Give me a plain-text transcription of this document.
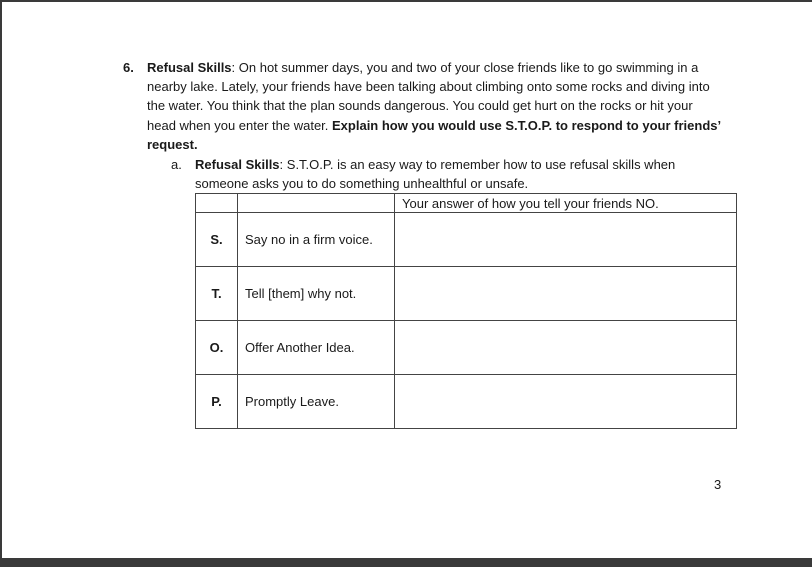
6. Refusal Skills: On hot summer days, you and two of your close friends like to go swimming in a nearby lake. Lately, your friends have been talking about climbing onto some rocks and diving into the water. You think that the plan sounds dangerous. You could get hurt on the rocks or hit your head when you enter the water. Explain how you would use S.T.O.P. to respond to your friends’ request.
a. Refusal Skills: S.T.O.P. is an easy way to remember how to use refusal skills when someone asks you to do something unhealthful or unsafe.
		Your answer of how you tell your friends NO.
S.	Say no in a firm voice.	
T.	Tell [them] why not.	
O.	Offer Another Idea.	
P.	Promptly Leave.	
3
